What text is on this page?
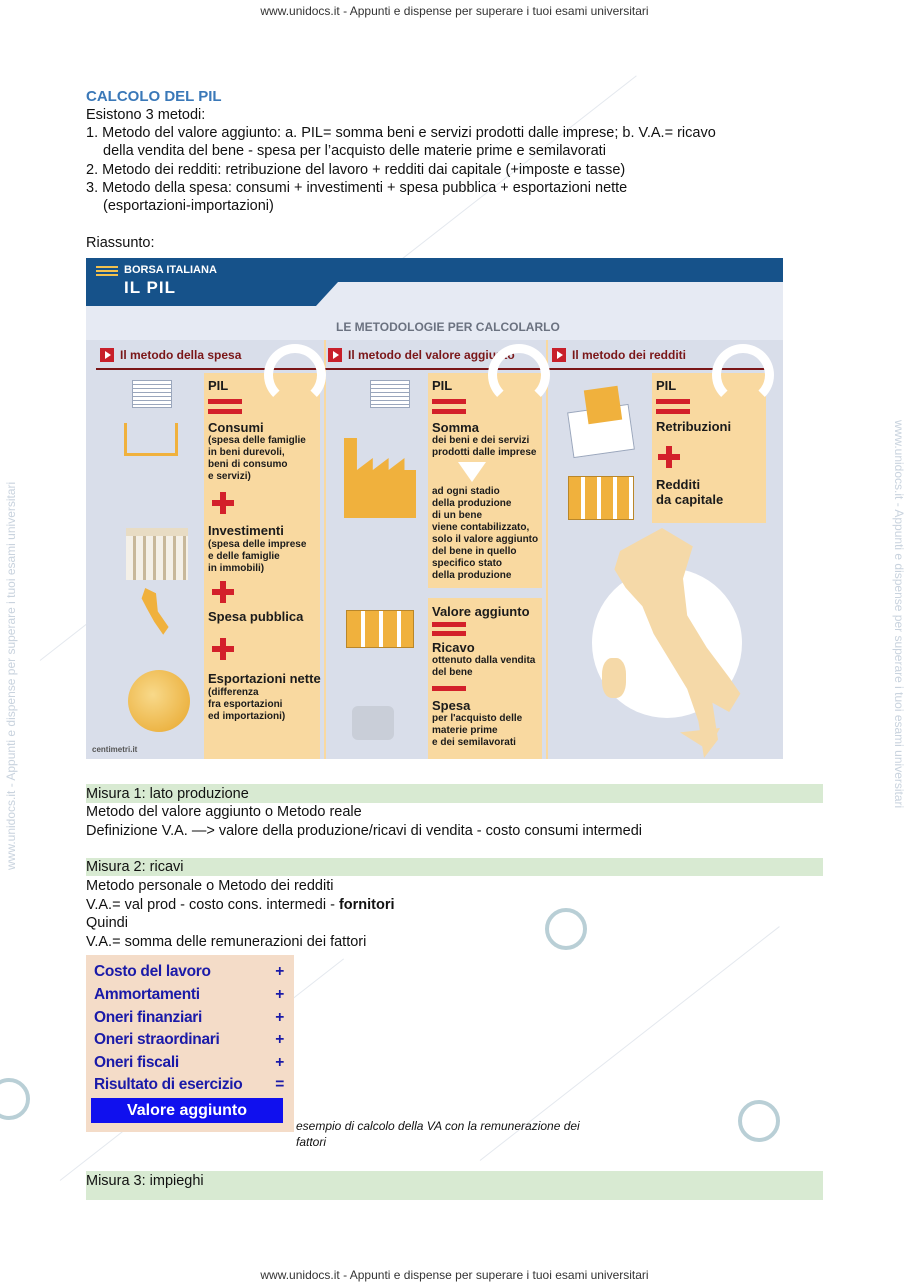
www.unidocs.it - Appunti e dispense per superare i tuoi esami universitari
www.unidocs.it - Appunti e dispense per superare i tuoi esami universitari
www.unidocs.it - Appunti e dispense per superare i tuoi esami universitari	www.unidocs.it - Appunti e dispense per superare i tuoi esami universitari
CALCOLO DEL PIL
Esistono 3 metodi:
1. Metodo del valore aggiunto: a. PIL= somma beni e servizi prodotti dalle imprese; b. V.A.= ricavo
della vendita del bene - spesa per l’acquisto delle materie prime e semilavorati
2. Metodo dei redditi: retribuzione del lavoro + redditi dai capitale (+imposte e tasse)
3. Metodo della spesa: consumi + investimenti + spesa pubblica + esportazioni nette
(esportazioni-importazioni)
Riassunto:
BORSA ITALIANA
IL PIL
LE METODOLOGIE PER CALCOLARLO
Il metodo della spesa	Il metodo del valore aggiunto	Il metodo dei redditi
PIL
Consumi
(spesa delle famiglie
in beni durevoli,
beni di consumo
e servizi)
Investimenti
(spesa delle imprese
e delle famiglie
in immobili)
Spesa pubblica
Esportazioni nette
(differenza
fra esportazioni
ed importazioni)
centimetri.it
PIL
Somma
dei beni e dei servizi
prodotti dalle imprese
ad ogni stadio
della produzione
di un bene
viene contabilizzato,
solo il valore aggiunto
del bene in quello
specifico stato
della produzione
Valore aggiunto
Ricavo
ottenuto dalla vendita
del bene
Spesa
per l'acquisto delle
materie prime
e dei semilavorati
PIL
Retribuzioni
Redditi
da capitale
Misura 1: lato produzione
Metodo del valore aggiunto o Metodo reale
Definizione V.A. —> valore della produzione/ricavi di vendita - costo consumi intermedi
Misura 2: ricavi
Metodo personale o Metodo dei redditi
V.A.= val prod - costo cons. intermedi - fornitori
Quindi
V.A.= somma delle remunerazioni dei fattori
Costo del lavoro	+
Ammortamenti	+
Oneri finanziari	+
Oneri straordinari	+
Oneri fiscali	+
Risultato di esercizio =
Valore aggiunto
esempio di calcolo della VA con la remunerazione dei
fattori
Misura 3: impieghi
